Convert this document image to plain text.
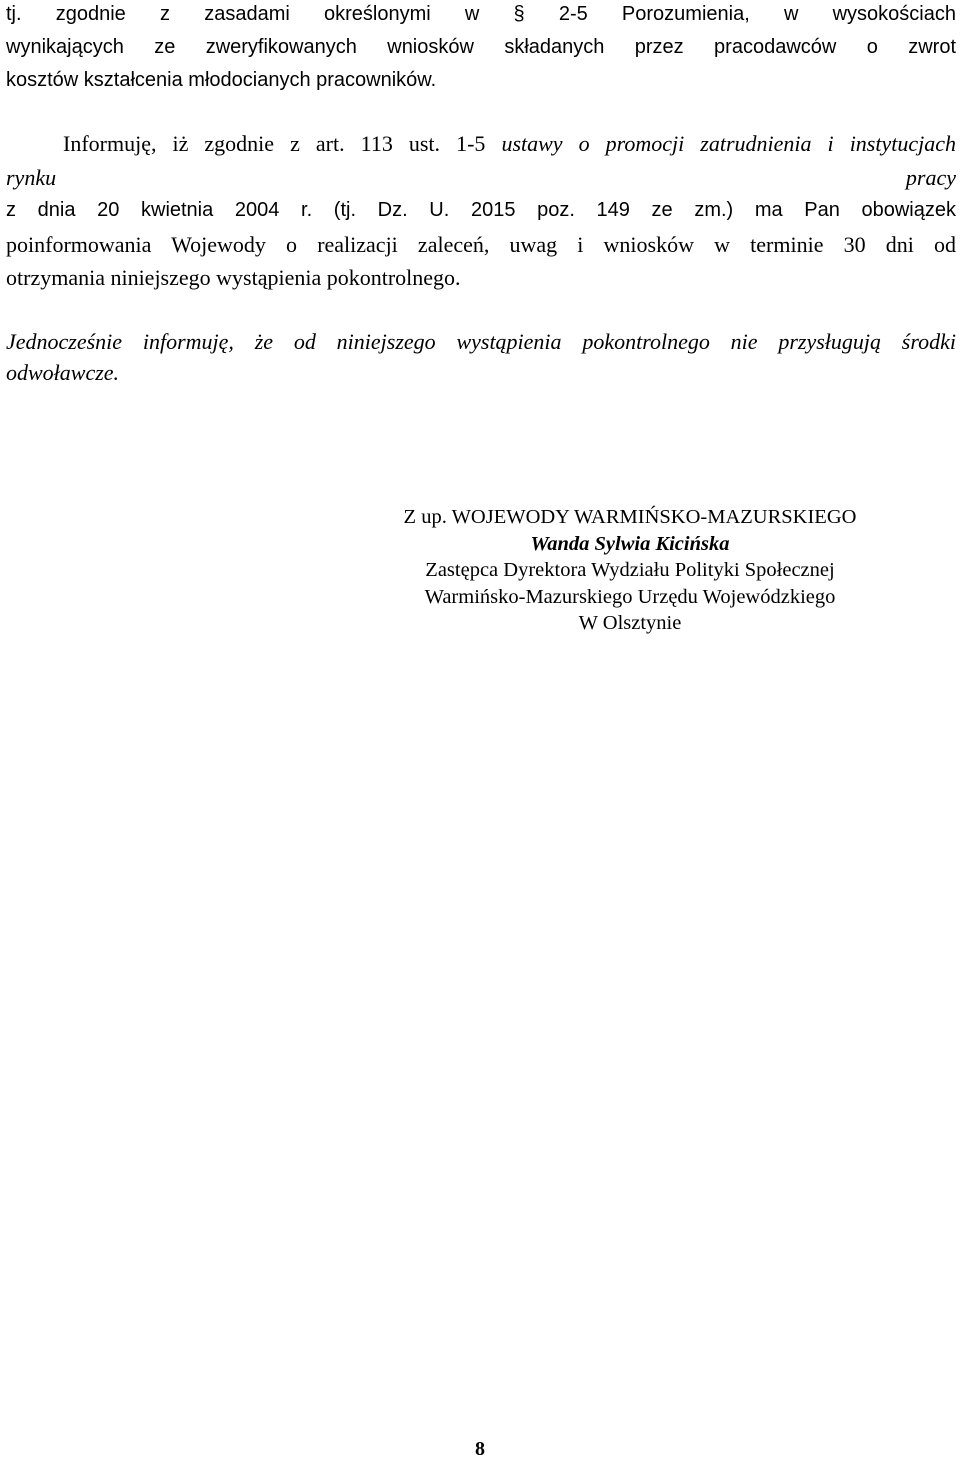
tj. zgodnie z zasadami określonymi w § 2-5 Porozumienia, w wysokościach
wynikających ze zweryfikowanych wniosków składanych przez pracodawców o zwrot
kosztów kształcenia młodocianych pracowników.
Informuję, iż zgodnie z art. 113 ust. 1-5 ustawy o promocji zatrudnienia i instytucjach
rynku	pracy
z dnia 20 kwietnia 2004 r. (tj. Dz. U. 2015 poz. 149 ze zm.) ma Pan obowiązek
poinformowania Wojewody o realizacji zaleceń, uwag i wniosków w terminie 30 dni od
otrzymania niniejszego wystąpienia pokontrolnego.
Jednocześnie informuję, że od niniejszego wystąpienia pokontrolnego nie przysługują środki
odwoławcze.
Z up. WOJEWODY WARMIŃSKO-MAZURSKIEGO
Wanda Sylwia Kicińska
Zastępca Dyrektora Wydziału Polityki Społecznej
Warmińsko-Mazurskiego Urzędu Wojewódzkiego
W Olsztynie
8
